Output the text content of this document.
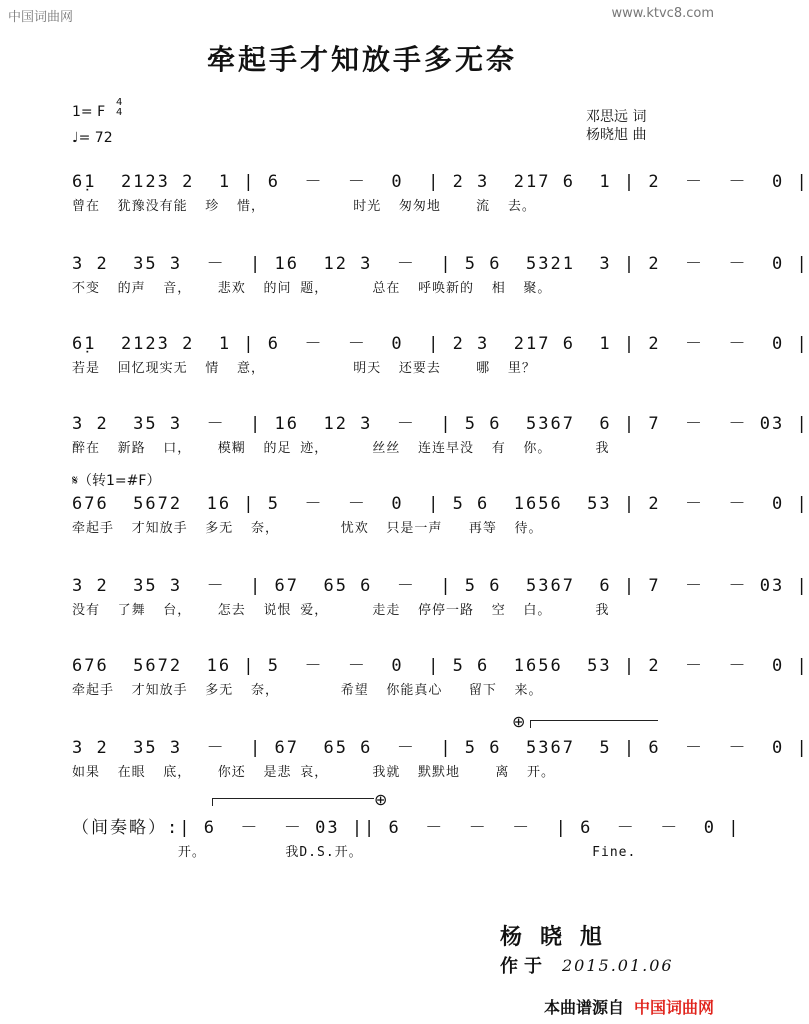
中国词曲网	www.ktvc8.com
牵起手才知放手多无奈
1= F
4
4
♩= 72
邓思远 词
杨晓旭 曲
6̣1  2123 2  1 | 6  －  －  0  | 2 3  217 6  1 | 2  －  －  0 |
曾在  犹豫没有能  珍  惜，          时光  匆匆地    流  去。
3 2  35 3  －  | 16  12 3  －  | 5 6  5321  3 | 2  －  －  0 |
不变  的声  音，   悲欢  的问 题，     总在  呼唤新的  相  聚。
6̣1  2123 2  1 | 6  －  －  0  | 2 3  217 6  1 | 2  －  －  0 |
若是  回忆现实无  情  意，          明天  还要去    哪  里？
3 2  35 3  －  | 16  12 3  －  | 5 6  5367  6 | 7  －  － 03 |
醉在  新路  口，   模糊  的足 迹，     丝丝  连连早没  有  你。     我
𝄋（转1=#F）
676  5672  16 | 5  －  －  0  | 5 6  1656  53 | 2  －  －  0 |
牵起手  才知放手  多无  奈，       忧欢  只是一声   再等  待。
3 2  35 3  －  | 67  65 6  －  | 5 6  5367  6 | 7  －  － 03 |
没有  了舞  台，   怎去  说恨 爱，     走走  停停一路  空  白。     我
676  5672  16 | 5  －  －  0  | 5 6  1656  53 | 2  －  －  0 |
牵起手  才知放手  多无  奈，       希望  你能真心   留下  来。
⊕
3 2  35 3  －  | 67  65 6  －  | 5 6  5367  5 | 6  －  －  0 |
如果  在眼  底，   你还  是悲 哀，     我就  默默地    离  开。
⊕
（间奏略）:| 6  －  － 03 || 6  －  －  －  | 6  －  －  0 |
开。         我D.S.开。                          Fine.
杨晓旭
作于 2015.01.06
本曲谱源自 中国词曲网
